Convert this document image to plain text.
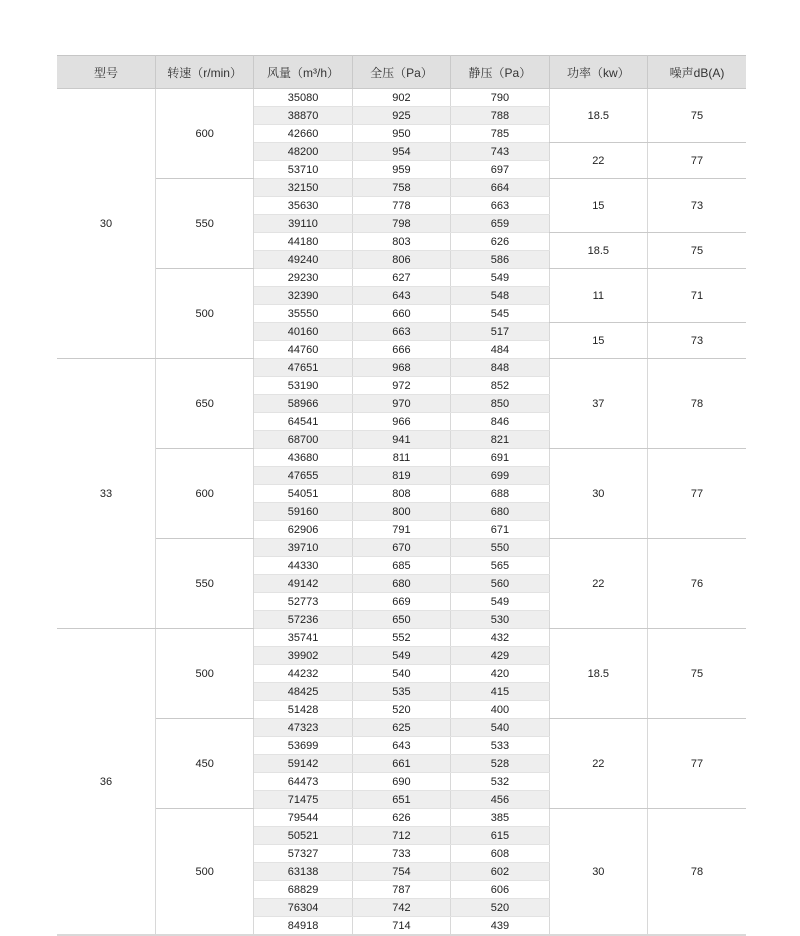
型号	转速（r/min）	风量（m³/h）	全压（Pa）	静压（Pa）	功率（kw）	噪声dB(A)
30	600	35080	902	790	18.5	75
		38870	925	788		
		42660	950	785		
		48200	954	743	22	77
		53710	959	697		
	550	32150	758	664	15	73
		35630	778	663		
		39110	798	659		
		44180	803	626	18.5	75
		49240	806	586		
	500	29230	627	549	11	71
		32390	643	548		
		35550	660	545		
		40160	663	517	15	73
		44760	666	484		
33	650	47651	968	848	37	78
		53190	972	852		
		58966	970	850		
		64541	966	846		
		68700	941	821		
	600	43680	811	691	30	77
		47655	819	699		
		54051	808	688		
		59160	800	680		
		62906	791	671		
	550	39710	670	550	22	76
		44330	685	565		
		49142	680	560		
		52773	669	549		
		57236	650	530		
36	500	35741	552	432	18.5	75
		39902	549	429		
		44232	540	420		
		48425	535	415		
		51428	520	400		
	450	47323	625	540	22	77
		53699	643	533		
		59142	661	528		
		64473	690	532		
		71475	651	456		
	500	79544	626	385	30	78
		50521	712	615		
		57327	733	608		
		63138	754	602		
		68829	787	606		
		76304	742	520		
		84918	714	439		
